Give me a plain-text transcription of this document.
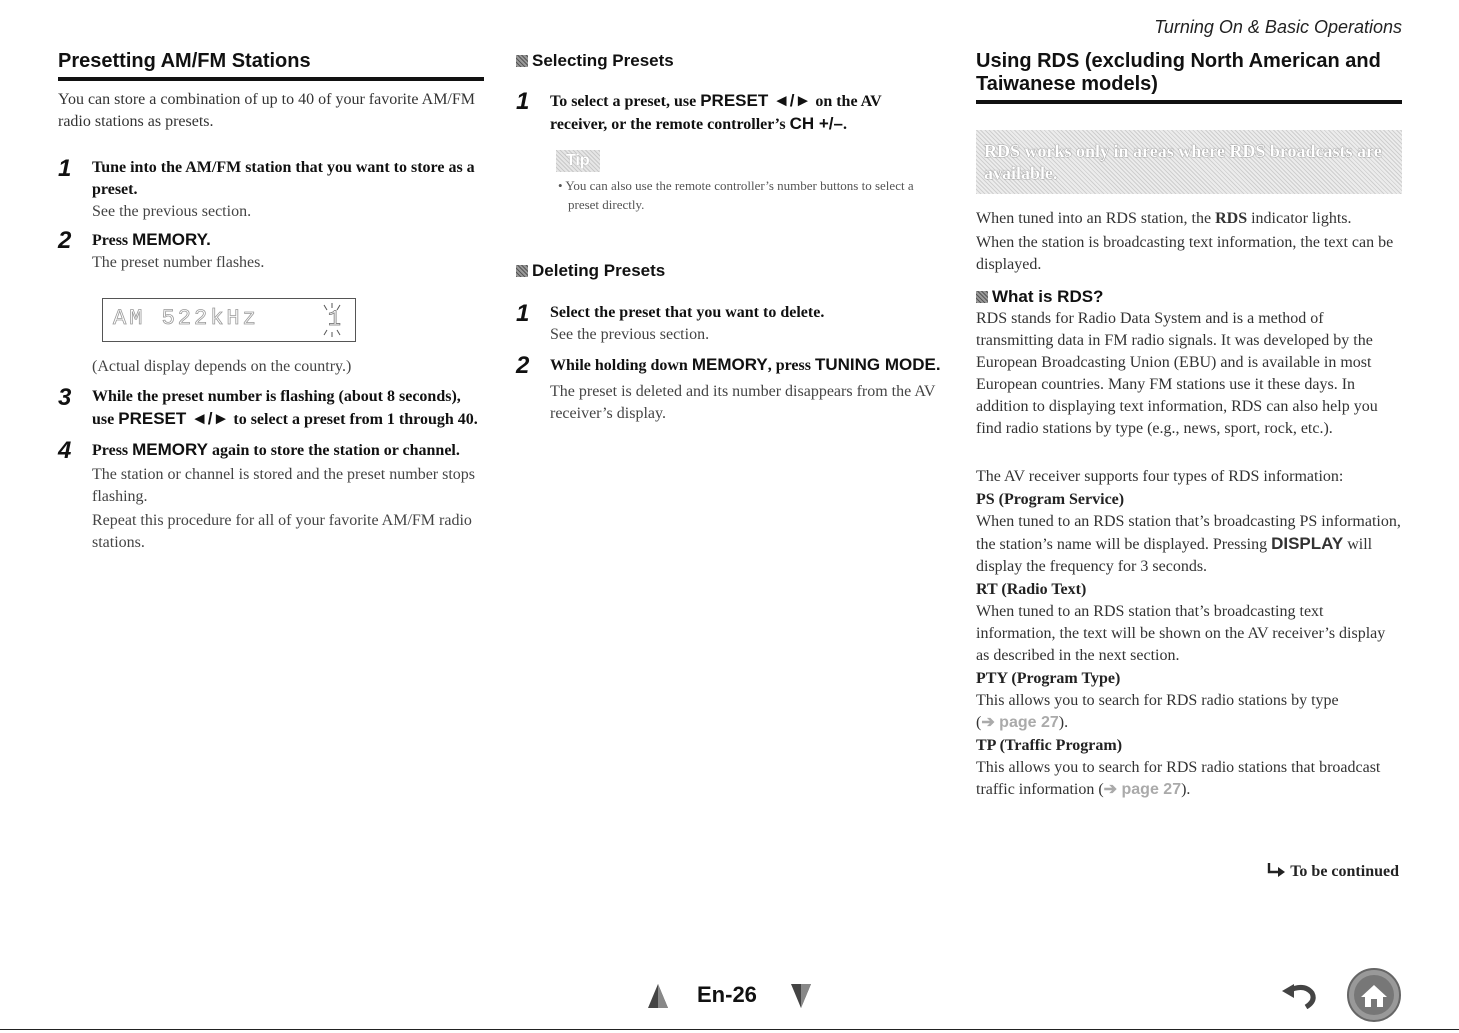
Turning On & Basic Operations
Presetting AM/FM Stations
You can store a combination of up to 40 of your favorite AM/FM radio stations as presets.
1 Tune into the AM/FM station that you want to store as a preset.
See the previous section.
2 Press MEMORY.
The preset number flashes.
AM 522kHz	1
(Actual display depends on the country.)
3 While the preset number is flashing (about 8 seconds), use PRESET ◄/► to select a preset from 1 through 40.
4 Press MEMORY again to store the station or channel.
The station or channel is stored and the preset number stops flashing.
Repeat this procedure for all of your favorite AM/FM radio stations.
Selecting Presets
1 To select a preset, use PRESET ◄/► on the AV receiver, or the remote controller’s CH +/–.
Tip
• You can also use the remote controller’s number buttons to select a preset directly.
Deleting Presets
1 Select the preset that you want to delete.
See the previous section.
2 While holding down MEMORY, press TUNING MODE.
The preset is deleted and its number disappears from the AV receiver’s display.
Using RDS (excluding North American and Taiwanese models)
RDS works only in areas where RDS broadcasts are available.
When tuned into an RDS station, the RDS indicator lights.
When the station is broadcasting text information, the text can be displayed.
What is RDS?
RDS stands for Radio Data System and is a method of transmitting data in FM radio signals. It was developed by the European Broadcasting Union (EBU) and is available in most European countries. Many FM stations use it these days. In addition to displaying text information, RDS can also help you find radio stations by type (e.g., news, sport, rock, etc.).
The AV receiver supports four types of RDS information:
PS (Program Service)
When tuned to an RDS station that’s broadcasting PS information, the station’s name will be displayed. Pressing DISPLAY will display the frequency for 3 seconds.
RT (Radio Text)
When tuned to an RDS station that’s broadcasting text information, the text will be shown on the AV receiver’s display as described in the next section.
PTY (Program Type)
This allows you to search for RDS radio stations by type
(➔ page 27).
TP (Traffic Program)
This allows you to search for RDS radio stations that broadcast traffic information (➔ page 27).
To be continued
En-26
